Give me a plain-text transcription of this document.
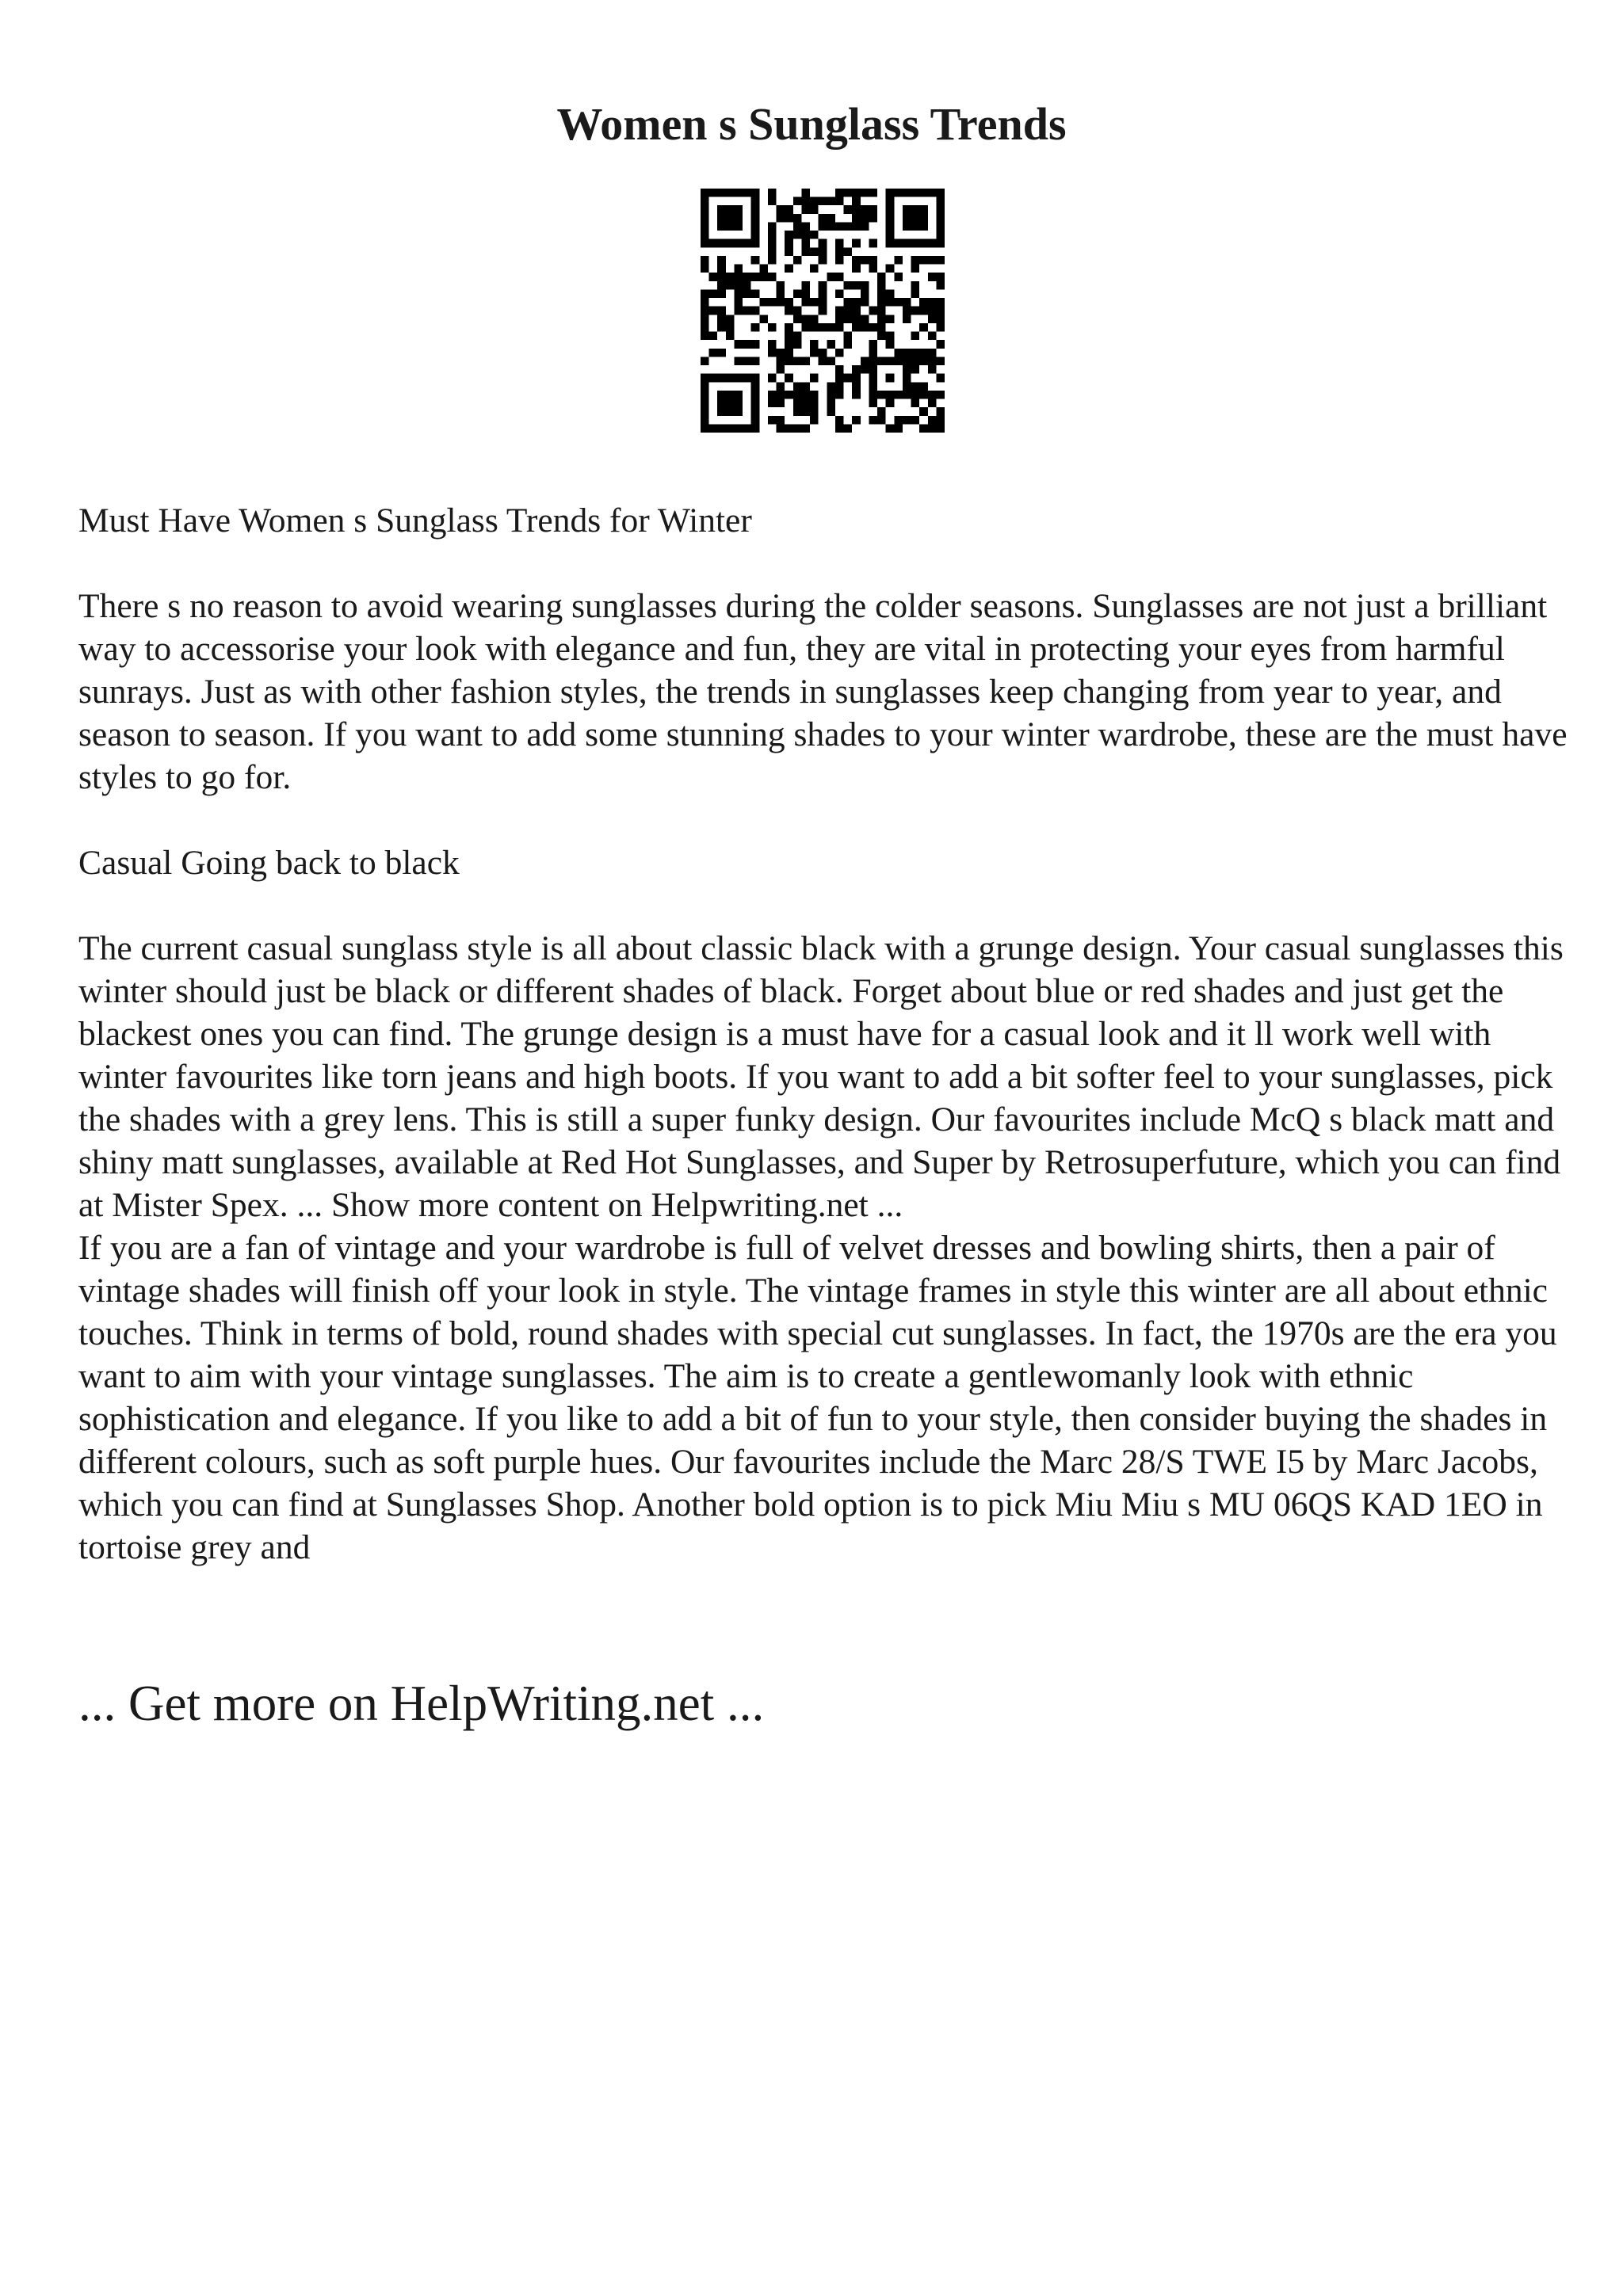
Women s Sunglass Trends

Must Have Women s Sunglass Trends for Winter

There s no reason to avoid wearing sunglasses during the colder seasons. Sunglasses are not just a brilliant way to accessorise your look with elegance and fun, they are vital in protecting your eyes from harmful sunrays. Just as with other fashion styles, the trends in sunglasses keep changing from year to year, and season to season. If you want to add some stunning shades to your winter wardrobe, these are the must have styles to go for.

Casual Going back to black

The current casual sunglass style is all about classic black with a grunge design. Your casual sunglasses this winter should just be black or different shades of black. Forget about blue or red shades and just get the blackest ones you can find. The grunge design is a must have for a casual look and it ll work well with winter favourites like torn jeans and high boots. If you want to add a bit softer feel to your sunglasses, pick the shades with a grey lens. This is still a super funky design. Our favourites include McQ s black matt and shiny matt sunglasses, available at Red Hot Sunglasses, and Super by Retrosuperfuture, which you can find at Mister Spex. ... Show more content on Helpwriting.net ...

If you are a fan of vintage and your wardrobe is full of velvet dresses and bowling shirts, then a pair of vintage shades will finish off your look in style. The vintage frames in style this winter are all about ethnic touches. Think in terms of bold, round shades with special cut sunglasses. In fact, the 1970s are the era you want to aim with your vintage sunglasses. The aim is to create a gentlewomanly look with ethnic sophistication and elegance. If you like to add a bit of fun to your style, then consider buying the shades in different colours, such as soft purple hues. Our favourites include the Marc 28/S TWE I5 by Marc Jacobs, which you can find at Sunglasses Shop. Another bold option is to pick Miu Miu s MU 06QS KAD 1EO in tortoise grey and

... Get more on HelpWriting.net ...
